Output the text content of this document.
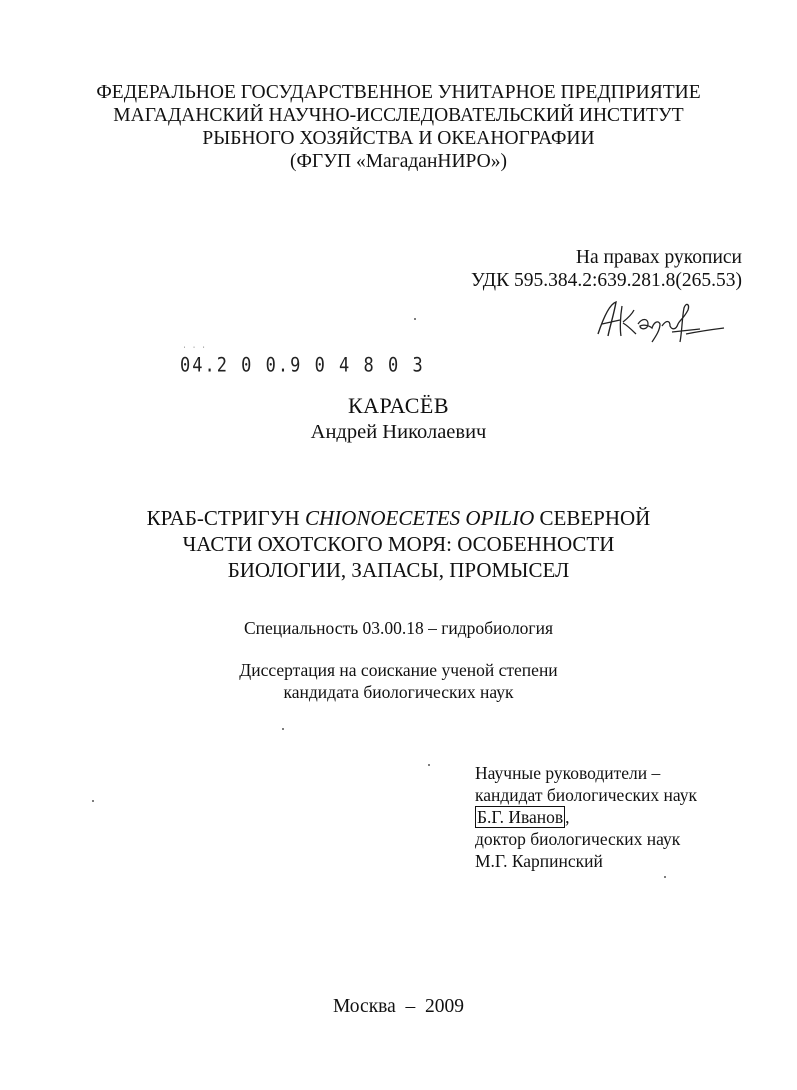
ФЕДЕРАЛЬНОЕ ГОСУДАРСТВЕННОЕ УНИТАРНОЕ ПРЕДПРИЯТИЕ
МАГАДАНСКИЙ НАУЧНО-ИССЛЕДОВАТЕЛЬСКИЙ ИНСТИТУТ
РЫБНОГО ХОЗЯЙСТВА И ОКЕАНОГРАФИИ
(ФГУП «МагаданНИРО»)
На правах рукописи
УДК 595.384.2:639.281.8(265.53)
˙ ˙ ˙
04.2 0 0.9 0 4 8 0 3
КАРАСЁВ
Андрей Николаевич
КРАБ-СТРИГУН CHIONOECETES OPILIO СЕВЕРНОЙ
ЧАСТИ ОХОТСКОГО МОРЯ: ОСОБЕННОСТИ
БИОЛОГИИ, ЗАПАСЫ, ПРОМЫСЕЛ
Специальность 03.00.18 – гидробиология
Диссертация на соискание ученой степени
кандидата биологических наук
Научные руководители –
кандидат биологических наук
Б.Г. Иванов ,
доктор биологических наук
М.Г. Карпинский
Москва  –  2009
